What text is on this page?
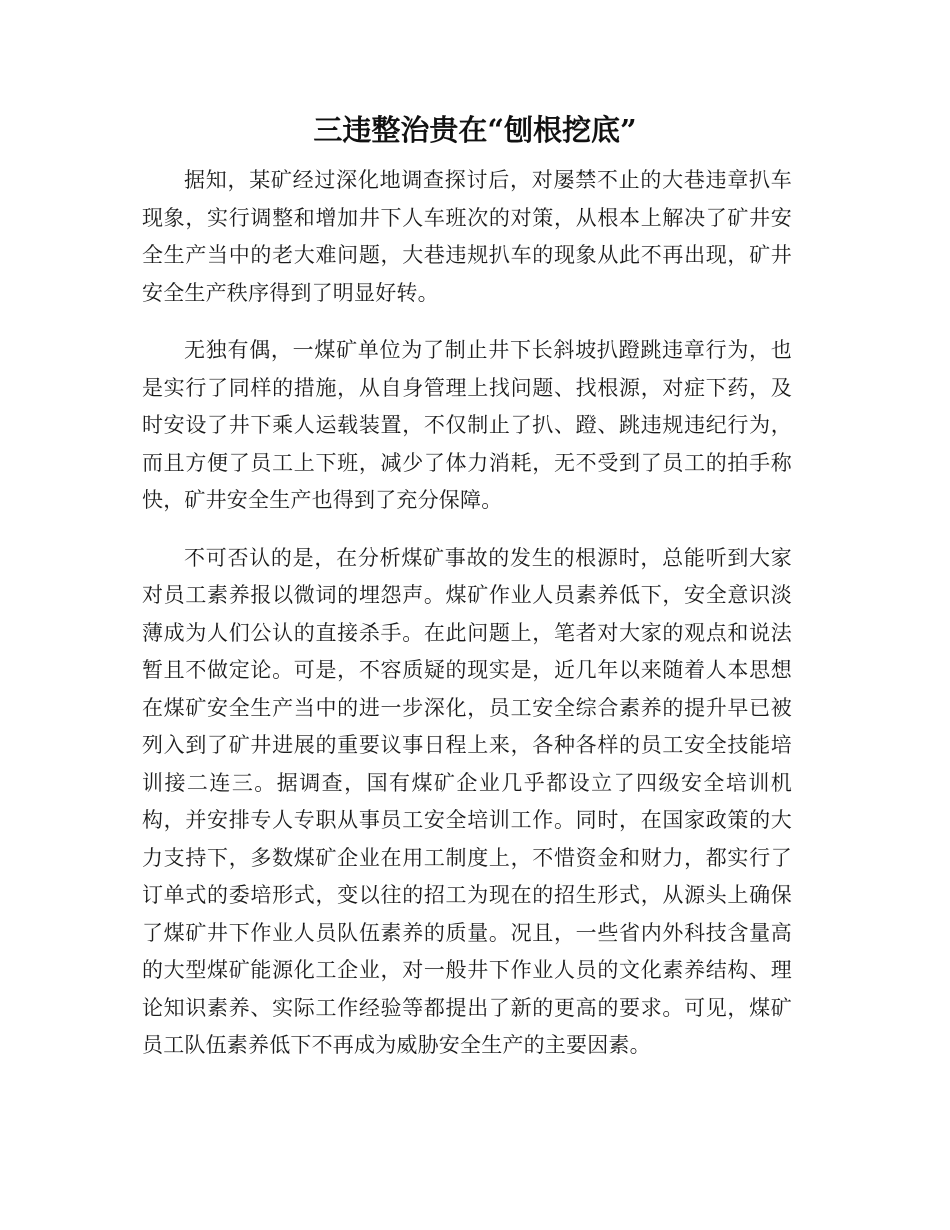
三违整治贵在“刨根挖底”

据知，某矿经过深化地调查探讨后，对屡禁不止的大巷违章扒车现象，实行调整和增加井下人车班次的对策，从根本上解决了矿井安全生产当中的老大难问题，大巷违规扒车的现象从此不再出现，矿井安全生产秩序得到了明显好转。

无独有偶，一煤矿单位为了制止井下长斜坡扒蹬跳违章行为，也是实行了同样的措施，从自身管理上找问题、找根源，对症下药，及时安设了井下乘人运载装置，不仅制止了扒、蹬、跳违规违纪行为，而且方便了员工上下班，减少了体力消耗，无不受到了员工的拍手称快，矿井安全生产也得到了充分保障。

不可否认的是，在分析煤矿事故的发生的根源时，总能听到大家对员工素养报以微词的埋怨声。煤矿作业人员素养低下，安全意识淡薄成为人们公认的直接杀手。在此问题上，笔者对大家的观点和说法暂且不做定论。可是，不容质疑的现实是，近几年以来随着人本思想在煤矿安全生产当中的进一步深化，员工安全综合素养的提升早已被列入到了矿井进展的重要议事日程上来，各种各样的员工安全技能培训接二连三。据调查，国有煤矿企业几乎都设立了四级安全培训机构，并安排专人专职从事员工安全培训工作。同时，在国家政策的大力支持下，多数煤矿企业在用工制度上，不惜资金和财力，都实行了订单式的委培形式，变以往的招工为现在的招生形式，从源头上确保了煤矿井下作业人员队伍素养的质量。况且，一些省内外科技含量高的大型煤矿能源化工企业，对一般井下作业人员的文化素养结构、理论知识素养、实际工作经验等都提出了新的更高的要求。可见，煤矿员工队伍素养低下不再成为威胁安全生产的主要因素。
